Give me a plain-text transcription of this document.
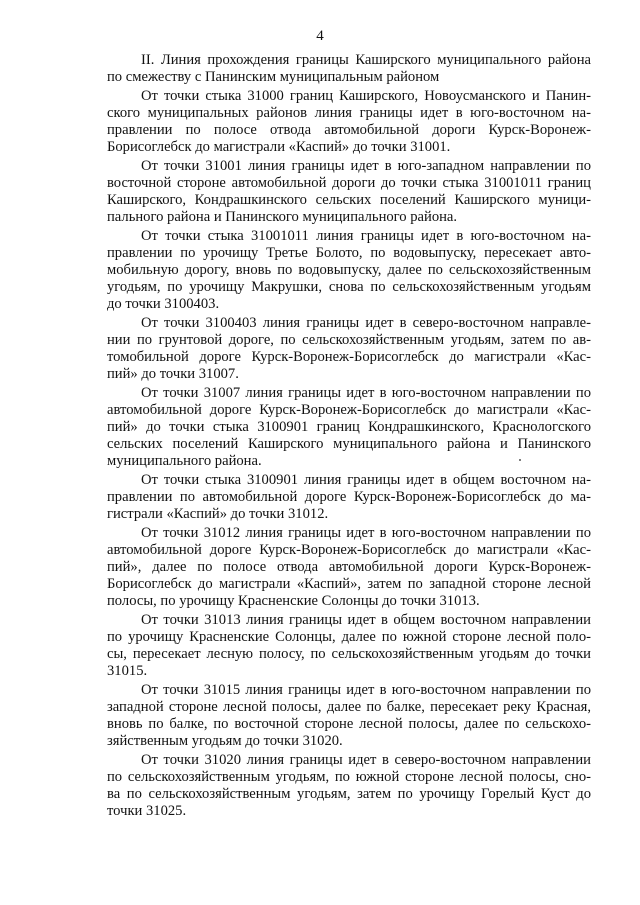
4
II. Линия прохождения границы Каширского муниципального района
по смежеству с Панинским муниципальным районом
От точки стыка 31000 границ Каширского, Новоусманского и Панин-
ского муниципальных районов линия границы идет в юго-восточном на-
правлении по полосе отвода автомобильной дороги Курск-Воронеж-
Борисоглебск до магистрали «Каспий» до точки 31001.
От точки 31001 линия границы идет в юго-западном направлении по
восточной стороне автомобильной дороги до точки стыка 31001011 границ
Каширского, Кондрашкинского сельских поселений Каширского муници-
пального района и Панинского муниципального района.
От точки стыка 31001011 линия границы идет в юго-восточном на-
правлении по урочищу Третье Болото, по водовыпуску, пересекает авто-
мобильную дорогу, вновь по водовыпуску, далее по сельскохозяйственным
угодьям, по урочищу Макрушки, снова по сельскохозяйственным угодьям
до точки 3100403.
От точки 3100403 линия границы идет в северо-восточном направле-
нии по грунтовой дороге, по сельскохозяйственным угодьям, затем по ав-
томобильной дороге Курск-Воронеж-Борисоглебск до магистрали «Кас-
пий» до точки 31007.
От точки 31007 линия границы идет в юго-восточном направлении по
автомобильной дороге Курск-Воронеж-Борисоглебск до магистрали «Кас-
пий» до точки стыка 3100901 границ Кондрашкинского, Краснологского
сельских поселений Каширского муниципального района и Панинского
муниципального района.
От точки стыка 3100901 линия границы идет в общем восточном на-
правлении по автомобильной дороге Курск-Воронеж-Борисоглебск до ма-
гистрали «Каспий» до точки 31012.
От точки 31012 линия границы идет в юго-восточном направлении по
автомобильной дороге Курск-Воронеж-Борисоглебск до магистрали «Кас-
пий», далее по полосе отвода автомобильной дороги Курск-Воронеж-
Борисоглебск до магистрали «Каспий», затем по западной стороне лесной
полосы, по урочищу Красненские Солонцы до точки 31013.
От точки 31013 линия границы идет в общем восточном направлении
по урочищу Красненские Солонцы, далее по южной стороне лесной поло-
сы, пересекает лесную полосу, по сельскохозяйственным угодьям до точки
31015.
От точки 31015 линия границы идет в юго-восточном направлении по
западной стороне лесной полосы, далее по балке, пересекает реку Красная,
вновь по балке, по восточной стороне лесной полосы, далее по сельскохо-
зяйственным угодьям до точки 31020.
От точки 31020 линия границы идет в северо-восточном направлении
по сельскохозяйственным угодьям, по южной стороне лесной полосы, сно-
ва по сельскохозяйственным угодьям, затем по урочищу Горелый Куст до
точки 31025.
